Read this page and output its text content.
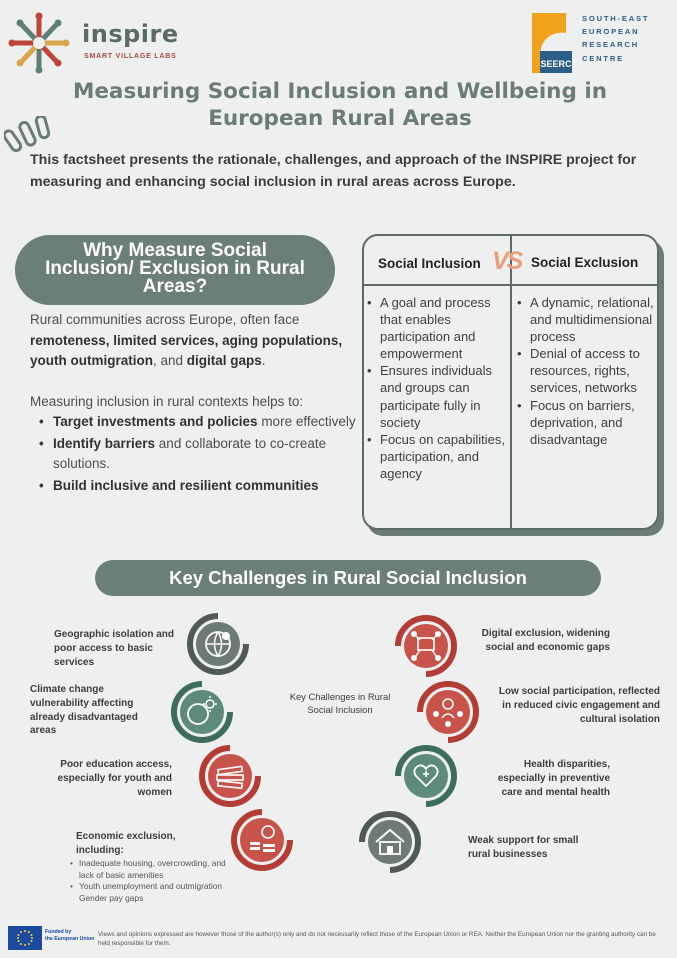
inspire
SMART VILLAGE LABS
SEERC
SOUTH-EAST
EUROPEAN
RESEARCH
CENTRE
Measuring Social Inclusion and Wellbeing in European Rural Areas

This factsheet presents the rationale, challenges, and approach of the INSPIRE project for measuring and enhancing social inclusion in rural areas across Europe.

Why Measure Social
Inclusion/ Exclusion in Rural
Areas?

Rural communities across Europe, often face remoteness, limited services, aging populations, youth outmigration, and digital gaps.

Measuring inclusion in rural contexts helps to:

• Target investments and policies more effectively
• Identify barriers and collaborate to co-create solutions.
• Build inclusive and resilient communities
Social Inclusion VS Social Exclusion
• A goal and process that enables participation and empowerment
• Ensures individuals and groups can participate fully in society
• Focus on capabilities, participation, and agency
• A dynamic, relational, and multidimensional process
• Denial of access to resources, rights, services, networks
• Focus on barriers, deprivation, and disadvantage
Key Challenges in Rural Social Inclusion
Key Challenges in Rural Social Inclusion
Geographic isolation and poor access to basic services
Climate change vulnerability affecting already disadvantaged areas
Poor education access, especially for youth and women
Economic exclusion, including:
• Inadequate housing, overcrowding, and lack of basic amenities
• Youth unemployment and outmigration Gender pay gaps
Digital exclusion, widening social and economic gaps
Low social participation, reflected in reduced civic engagement and cultural isolation
Health disparities, especially in preventive care and mental health
Weak support for small rural businesses
Funded by
the European Union

Views and opinions expressed are however those of the author(s) only and do not necessarily reflect those of the European Union or REA. Neither the European Union nor the granting authority can be held responsible for them.
